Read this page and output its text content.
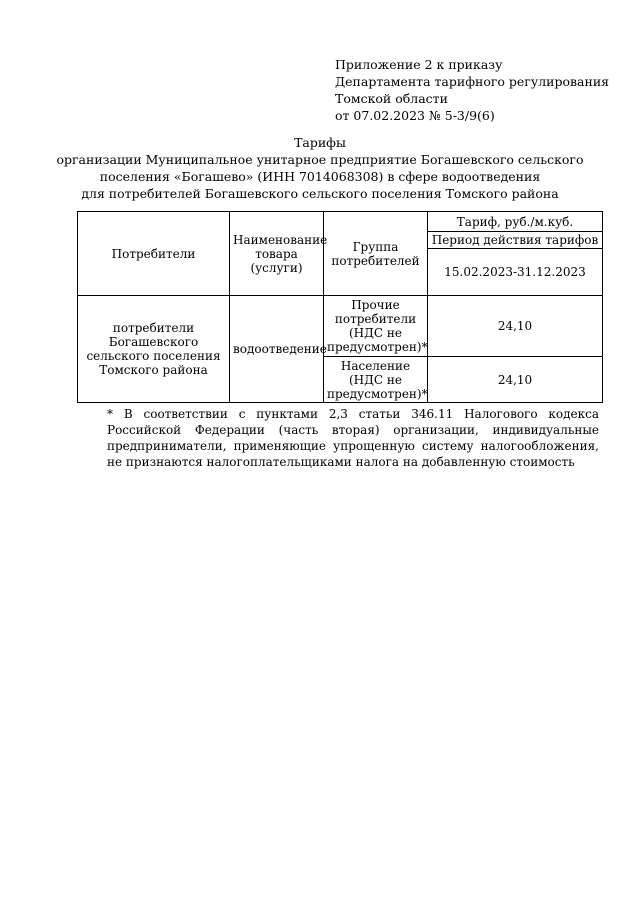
Приложение 2 к приказу
Департамента тарифного регулирования
Томской области
от 07.02.2023 № 5-3/9(6)
Тарифы
организации Муниципальное унитарное предприятие Богашевского сельского
поселения «Богашево» (ИНН 7014068308) в сфере водоотведения
для потребителей Богашевского сельского поселения Томского района
Потребители	Наименование товара (услуги)	Группа потребителей	Тариф, руб./м.куб.
			Период действия тарифов
			15.02.2023-31.12.2023
потребители Богашевского сельского поселения Томского района	водоотведение	Прочие потребители (НДС не предусмотрен)*	24,10
		Население (НДС не предусмотрен)*	24,10
* В соответствии с пунктами 2,3 статьи 346.11 Налогового кодекса Российской Федерации (часть вторая) организации, индивидуальные предприниматели, применяющие упрощенную систему налогообложения, не признаются налогоплательщиками налога на добавленную стоимость
